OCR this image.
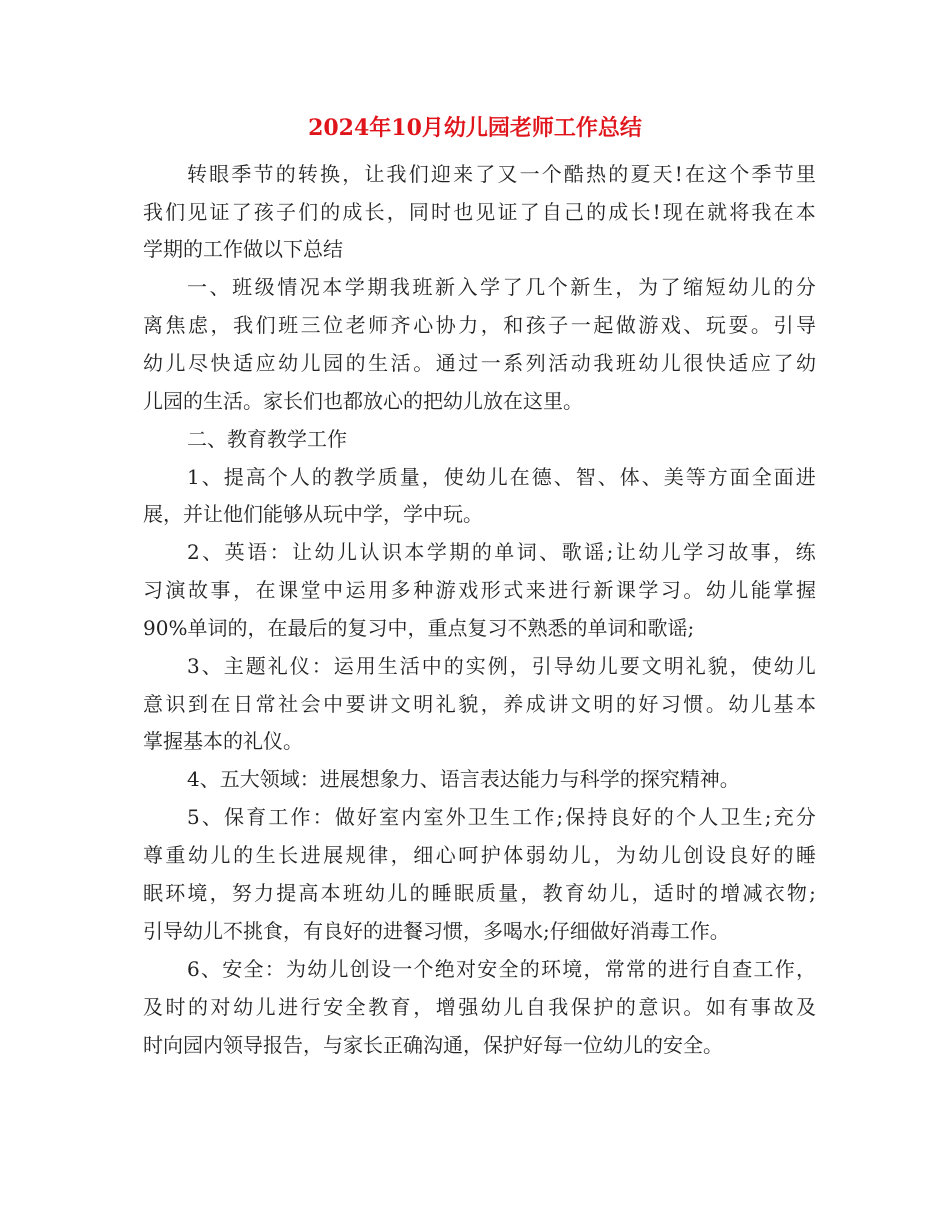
2024年10月幼儿园老师工作总结
转 眼 季 节 的 转 换 ， 让 我 们 迎 来 了 又 一 个 酷 热 的 夏 天 ! 在 这 个 季 节 里
我 们 见 证 了 孩 子 们 的 成 长 ， 同 时 也 见 证 了 自 己 的 成 长 ! 现 在 就 将 我 在 本
学期的工作做以下总结
一 、 班 级 情 况 本 学 期 我 班 新 入 学 了 几 个 新 生 ， 为 了 缩 短 幼 儿 的 分
离 焦 虑 ， 我 们 班 三 位 老 师 齐 心 协 力 ， 和 孩 子 一 起 做 游 戏 、 玩 耍 。 引 导
幼 儿 尽 快 适 应 幼 儿 园 的 生 活 。 通 过 一 系 列 活 动 我 班 幼 儿 很 快 适 应 了 幼
儿园的生活。家长们也都放心的把幼儿放在这里。
二、教育教学工作
1 、 提 高 个 人 的 教 学 质 量 ， 使 幼 儿 在 德 、 智 、 体 、 美 等 方 面 全 面 进
展，并让他们能够从玩中学，学中玩。
2 、 英 语 ： 让 幼 儿 认 识 本 学 期 的 单 词 、 歌 谣 ; 让 幼 儿 学 习 故 事 ， 练
习 演 故 事 ， 在 课 堂 中 运 用 多 种 游 戏 形 式 来 进 行 新 课 学 习 。 幼 儿 能 掌 握
90%单词的，在最后的复习中，重点复习不熟悉的单词和歌谣;
3 、 主 题 礼 仪 ： 运 用 生 活 中 的 实 例 ， 引 导 幼 儿 要 文 明 礼 貌 ， 使 幼 儿
意 识 到 在 日 常 社 会 中 要 讲 文 明 礼 貌 ， 养 成 讲 文 明 的 好 习 惯 。 幼 儿 基 本
掌握基本的礼仪。
4、五大领域：进展想象力、语言表达能力与科学的探究精神。
5 、 保 育 工 作 ： 做 好 室 内 室 外 卫 生 工 作 ; 保 持 良 好 的 个 人 卫 生 ; 充 分
尊 重 幼 儿 的 生 长 进 展 规 律 ， 细 心 呵 护 体 弱 幼 儿 ， 为 幼 儿 创 设 良 好 的 睡
眠 环 境 ， 努 力 提 高 本 班 幼 儿 的 睡 眠 质 量 ， 教 育 幼 儿 ， 适 时 的 增 减 衣 物 ;
引导幼儿不挑食，有良好的进餐习惯，多喝水;仔细做好消毒工作。
6 、 安 全 ： 为 幼 儿 创 设 一 个 绝 对 安 全 的 环 境 ， 常 常 的 进 行 自 查 工 作 ，
及 时 的 对 幼 儿 进 行 安 全 教 育 ， 增 强 幼 儿 自 我 保 护 的 意 识 。 如 有 事 故 及
时向园内领导报告，与家长正确沟通，保护好每一位幼儿的安全。
